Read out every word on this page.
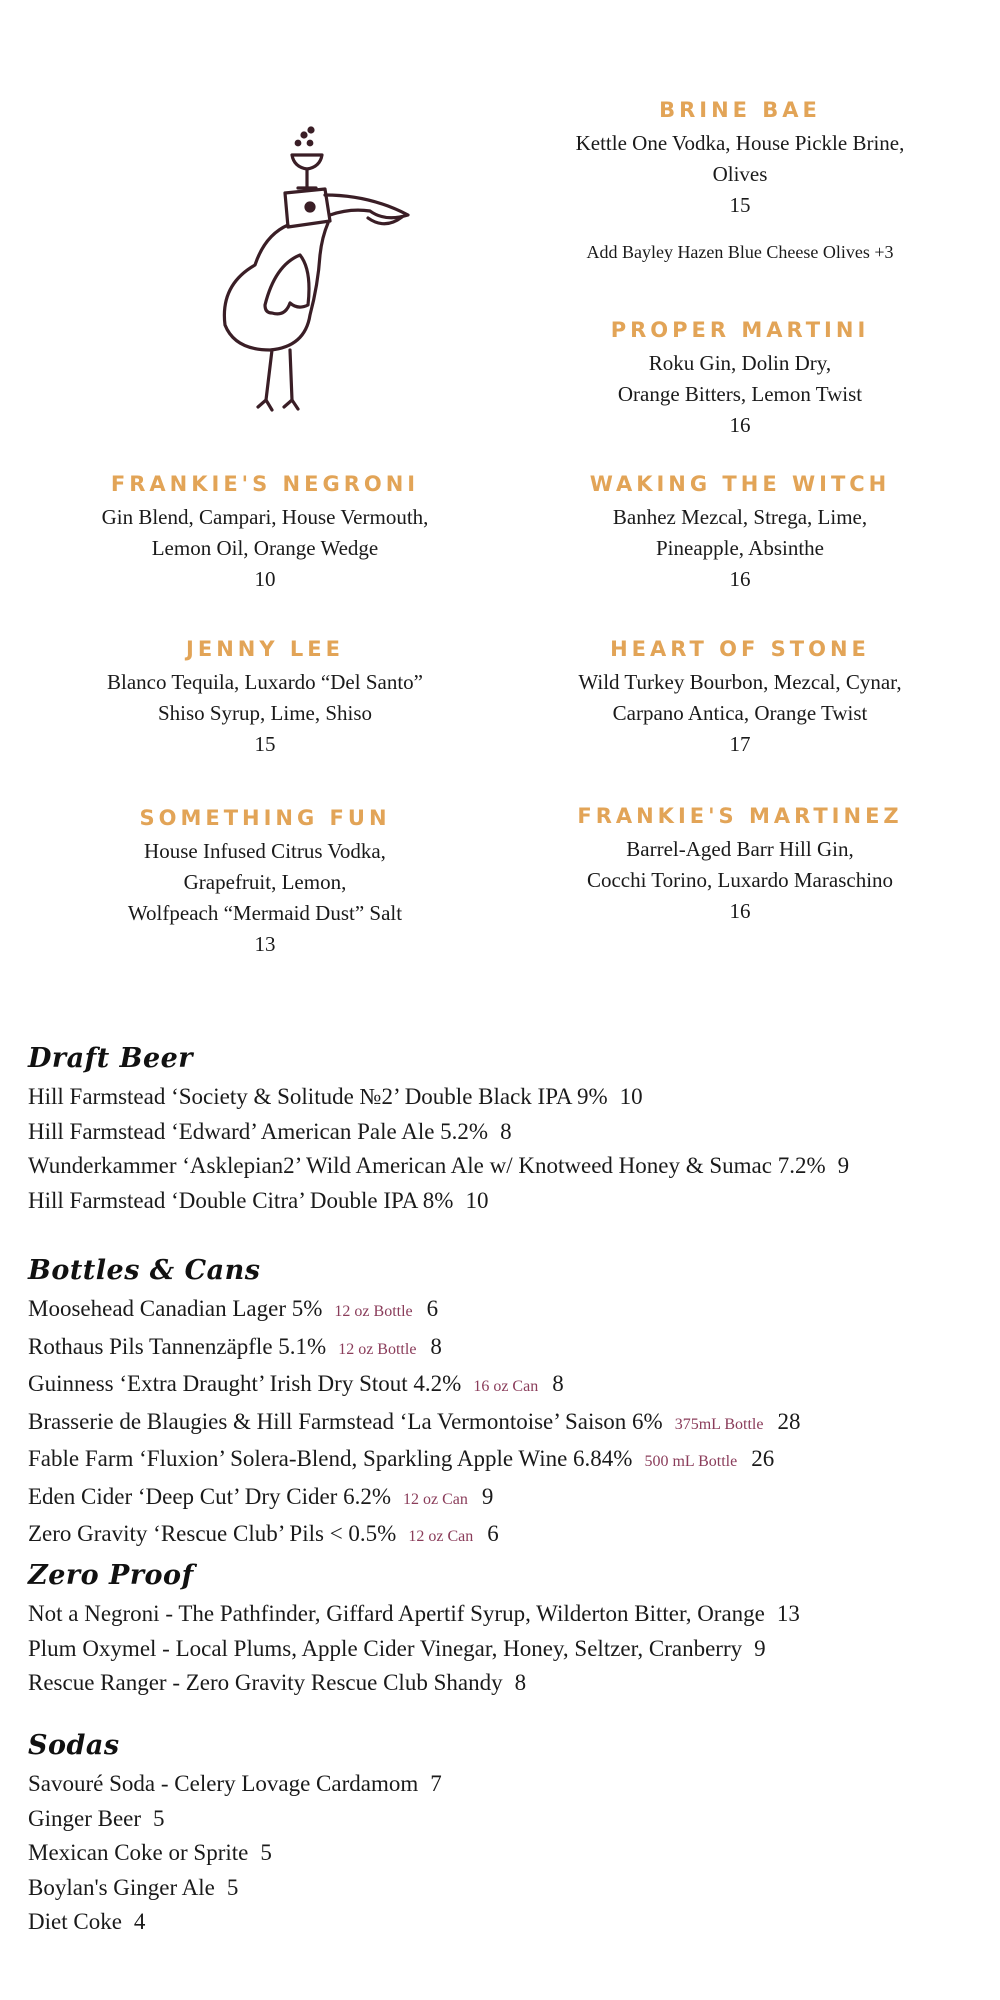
BRINE BAE
Kettle One Vodka, House Pickle Brine,
Olives
15
Add Bayley Hazen Blue Cheese Olives +3
PROPER MARTINI
Roku Gin, Dolin Dry,
Orange Bitters, Lemon Twist
16
FRANKIE'S NEGRONI
Gin Blend, Campari, House Vermouth,
Lemon Oil, Orange Wedge
10
WAKING THE WITCH
Banhez Mezcal, Strega, Lime,
Pineapple, Absinthe
16
JENNY LEE
Blanco Tequila, Luxardo “Del Santo”
Shiso Syrup, Lime, Shiso
15
HEART OF STONE
Wild Turkey Bourbon, Mezcal, Cynar,
Carpano Antica, Orange Twist
17
SOMETHING FUN
House Infused Citrus Vodka,
Grapefruit, Lemon,
Wolfpeach “Mermaid Dust” Salt
13
FRANKIE'S MARTINEZ
Barrel-Aged Barr Hill Gin,
Cocchi Torino, Luxardo Maraschino
16
Draft Beer
Hill Farmstead ‘Society & Solitude №2’ Double Black IPA 9% 10
Hill Farmstead ‘Edward’ American Pale Ale 5.2% 8
Wunderkammer ‘Asklepian2’ Wild American Ale w/ Knotweed Honey & Sumac 7.2% 9
Hill Farmstead ‘Double Citra’ Double IPA 8% 10
Bottles & Cans
Moosehead Canadian Lager 5% 12 oz Bottle 6
Rothaus Pils Tannenzäpfle 5.1% 12 oz Bottle 8
Guinness ‘Extra Draught’ Irish Dry Stout 4.2% 16 oz Can 8
Brasserie de Blaugies & Hill Farmstead ‘La Vermontoise’ Saison 6% 375mL Bottle 28
Fable Farm ‘Fluxion’ Solera-Blend, Sparkling Apple Wine 6.84% 500 mL Bottle 26
Eden Cider ‘Deep Cut’ Dry Cider 6.2% 12 oz Can 9
Zero Gravity ‘Rescue Club’ Pils < 0.5% 12 oz Can 6
Zero Proof
Not a Negroni - The Pathfinder, Giffard Apertif Syrup, Wilderton Bitter, Orange 13
Plum Oxymel - Local Plums, Apple Cider Vinegar, Honey, Seltzer, Cranberry 9
Rescue Ranger - Zero Gravity Rescue Club Shandy 8
Sodas
Savouré Soda - Celery Lovage Cardamom 7
Ginger Beer 5
Mexican Coke or Sprite 5
Boylan's Ginger Ale 5
Diet Coke 4
